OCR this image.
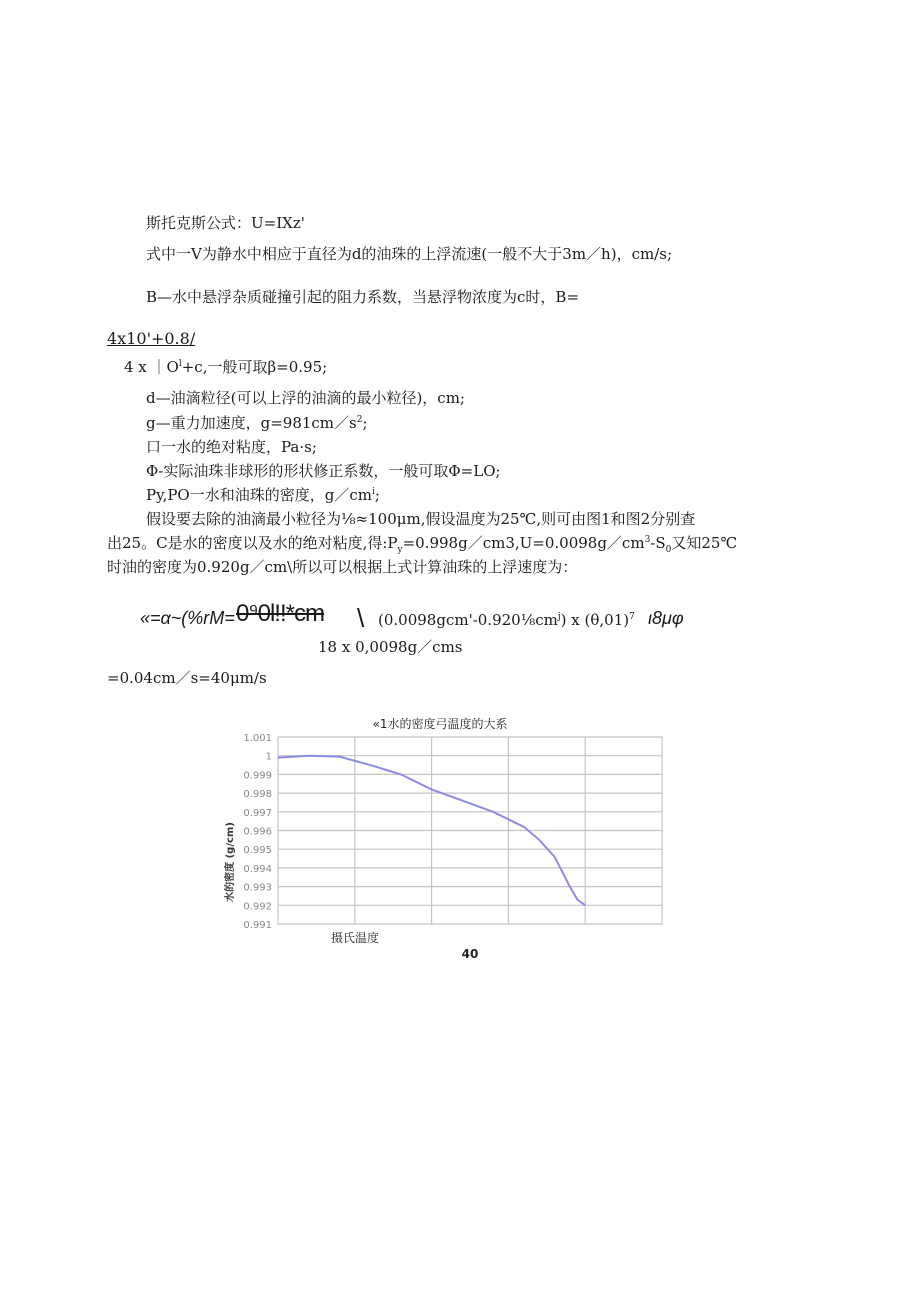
斯托克斯公式：U=IXz'
式中一V为静水中相应于直径为d的油珠的上浮流速(一般不大于3m／h)，cm/s;
B—水中悬浮杂质碰撞引起的阻力系数，当悬浮物浓度为c时，B=
4x10'+0.8/
4 x $|O^l+c$,一般可取β=0.95;
d—油滴粒径(可以上浮的油滴的最小粒径)，cm;
g—重力加速度，$g=981cm/s^2$;
口一水的绝对粘度，Pa·s;
Φ-实际油珠非球形的形状修正系数，一般可取Φ=LO;
Py,PO一水和油珠的密度，$g/cm^i$;
假设要去除的油滴最小粒径为⅛≈100μm,假设温度为25℃,则可由图1和图2分别查
出25。C是水的密度以及水的绝对粘度,得$:P_y=0.998g/cm3,U=0.0098g/cm^3-S_0$又知25℃
时油的密度为0.920g／cm\所以可以根据上式计算油珠的上浮速度为：
«=α~(%rM= 0⁹0l!!*cm \ $(0.0098gcm'-0.920\frac{1}{8}cm^j)$ x $(\theta,01)^7$ ι8μφ
18 x 0,0098g／cms
=0.04cm／s=40μm/s
«1水的密度弓温度的大系
1.001
1
0.999
0.998
0.997
0.996
0.995
0.994
0.993
0.992
0.991
水的密度 (g/cm)
摄氏温度
40
